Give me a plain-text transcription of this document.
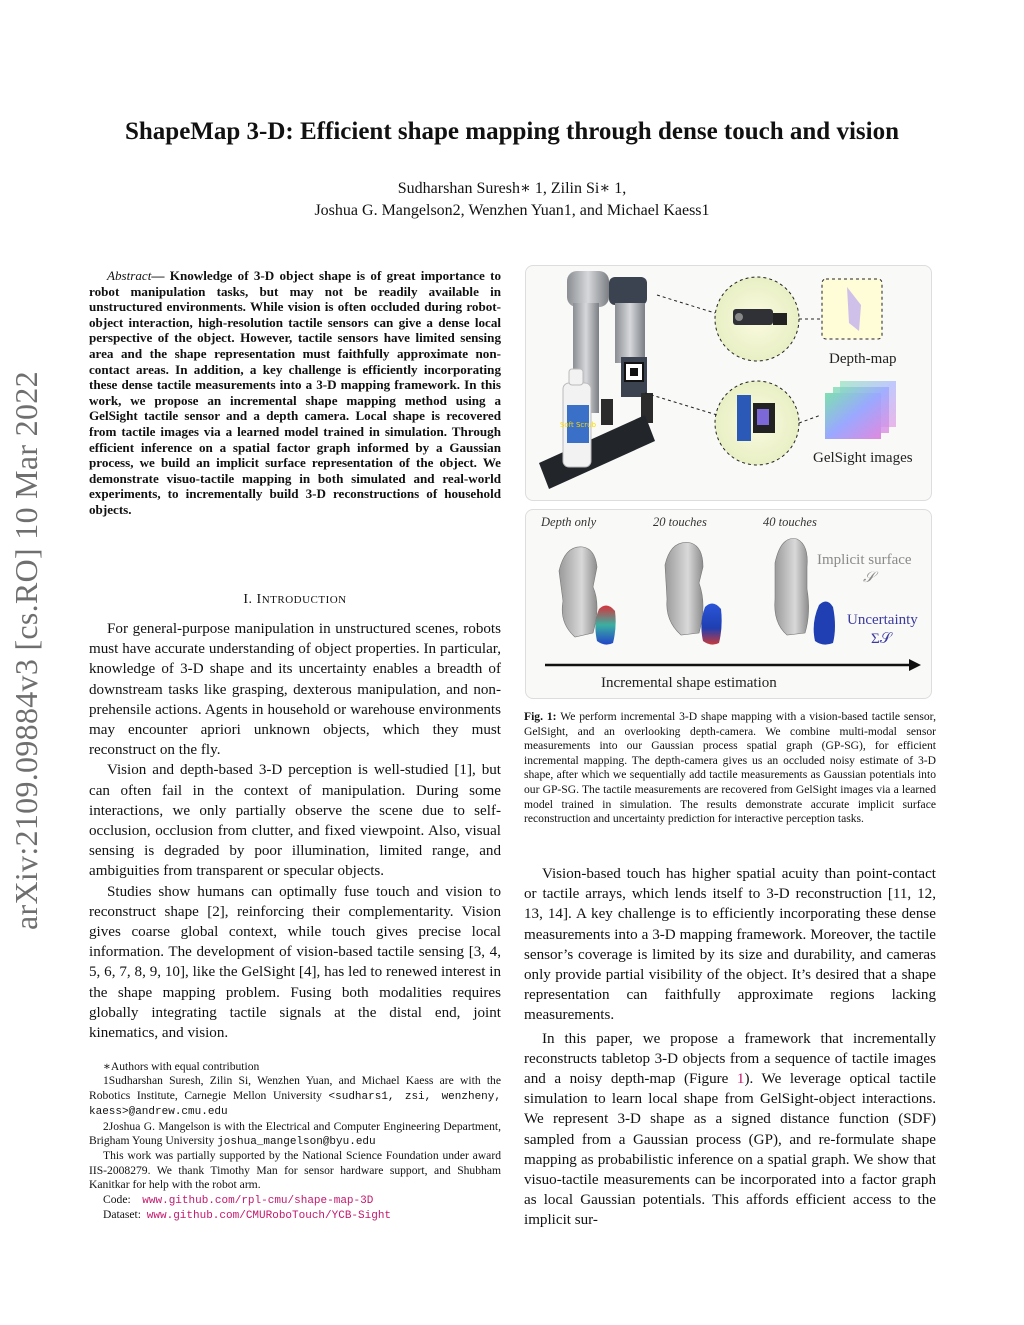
arXiv:2109.09884v3 [cs.RO] 10 Mar 2022
ShapeMap 3-D: Efficient shape mapping through dense touch and vision
Sudharshan Suresh∗ 1, Zilin Si∗ 1,
Joshua G. Mangelson2, Wenzhen Yuan1, and Michael Kaess1
Abstract— Knowledge of 3-D object shape is of great importance to robot manipulation tasks, but may not be readily available in unstructured environments. While vision is often occluded during robot-object interaction, high-resolution tactile sensors can give a dense local perspective of the object. However, tactile sensors have limited sensing area and the shape representation must faithfully approximate non-contact areas. In addition, a key challenge is efficiently incorporating these dense tactile measurements into a 3-D mapping framework. In this work, we propose an incremental shape mapping method using a GelSight tactile sensor and a depth camera. Local shape is recovered from tactile images via a learned model trained in simulation. Through efficient inference on a spatial factor graph informed by a Gaussian process, we build an implicit surface representation of the object. We demonstrate visuo-tactile mapping in both simulated and real-world experiments, to incrementally build 3-D reconstructions of household objects.
I. INTRODUCTION

For general-purpose manipulation in unstructured scenes, robots must have accurate understanding of object properties. In particular, knowledge of 3-D shape and its uncertainty enables a breadth of downstream tasks like grasping, dexterous manipulation, and non-prehensile actions. Agents in household or warehouse environments may encounter apriori unknown objects, which they must reconstruct on the fly.

Vision and depth-based 3-D perception is well-studied [1], but can often fail in the context of manipulation. During some interactions, we only partially observe the scene due to self-occlusion, occlusion from clutter, and fixed viewpoint. Also, visual sensing is degraded by poor illumination, limited range, and ambiguities from transparent or specular objects.

Studies show humans can optimally fuse touch and vision to reconstruct shape [2], reinforcing their complementarity. Vision gives coarse global context, while touch gives precise local information. The development of vision-based tactile sensing [3, 4, 5, 6, 7, 8, 9, 10], like the GelSight [4], has led to renewed interest in the shape mapping problem. Fusing both modalities requires globally integrating tactile signals at the distal end, joint kinematics, and vision.

∗Authors with equal contribution

1Sudharshan Suresh, Zilin Si, Wenzhen Yuan, and Michael Kaess are with the Robotics Institute, Carnegie Mellon University <sudhars1, zsi, wenzheny, kaess>@andrew.cmu.edu

2Joshua G. Mangelson is with the Electrical and Computer Engineering Department, Brigham Young University joshua_mangelson@byu.edu

This work was partially supported by the National Science Foundation under award IIS-2008279. We thank Timothy Man for sensor hardware support, and Shubham Kanitkar for help with the robot arm.

Code: www.github.com/rpl-cmu/shape-map-3D

Dataset: www.github.com/CMURoboTouch/YCB-Sight

Soft Scrub
Depth-map
GelSight images
Depth only	20 touches	40 touches
Implicit surface
𝒮
Uncertainty
Σ𝒮
Incremental shape estimation
Fig. 1: We perform incremental 3-D shape mapping with a vision-based tactile sensor, GelSight, and an overlooking depth-camera. We combine multi-modal sensor measurements into our Gaussian process spatial graph (GP-SG), for efficient incremental mapping. The depth-camera gives us an occluded noisy estimate of 3-D shape, after which we sequentially add tactile measurements as Gaussian potentials into our GP-SG. The tactile measurements are recovered from GelSight images via a learned model trained in simulation. The results demonstrate accurate implicit surface reconstruction and uncertainty prediction for interactive perception tasks.

Vision-based touch has higher spatial acuity than point-contact or tactile arrays, which lends itself to 3-D reconstruction [11, 12, 13, 14]. A key challenge is to efficiently incorporating these dense measurements into a 3-D mapping framework. Moreover, the tactile sensor’s coverage is limited by its size and durability, and cameras only provide partial visibility of the object. It’s desired that a shape representation can faithfully approximate regions lacking measurements.

In this paper, we propose a framework that incrementally reconstructs tabletop 3-D objects from a sequence of tactile images and a noisy depth-map (Figure 1). We leverage optical tactile simulation to learn local shape from GelSight-object interactions. We represent 3-D shape as a signed distance function (SDF) sampled from a Gaussian process (GP), and re-formulate shape mapping as probabilistic inference on a spatial graph. We show that visuo-tactile measurements can be incorporated into a factor graph as local Gaussian potentials. This affords efficient access to the implicit sur-
